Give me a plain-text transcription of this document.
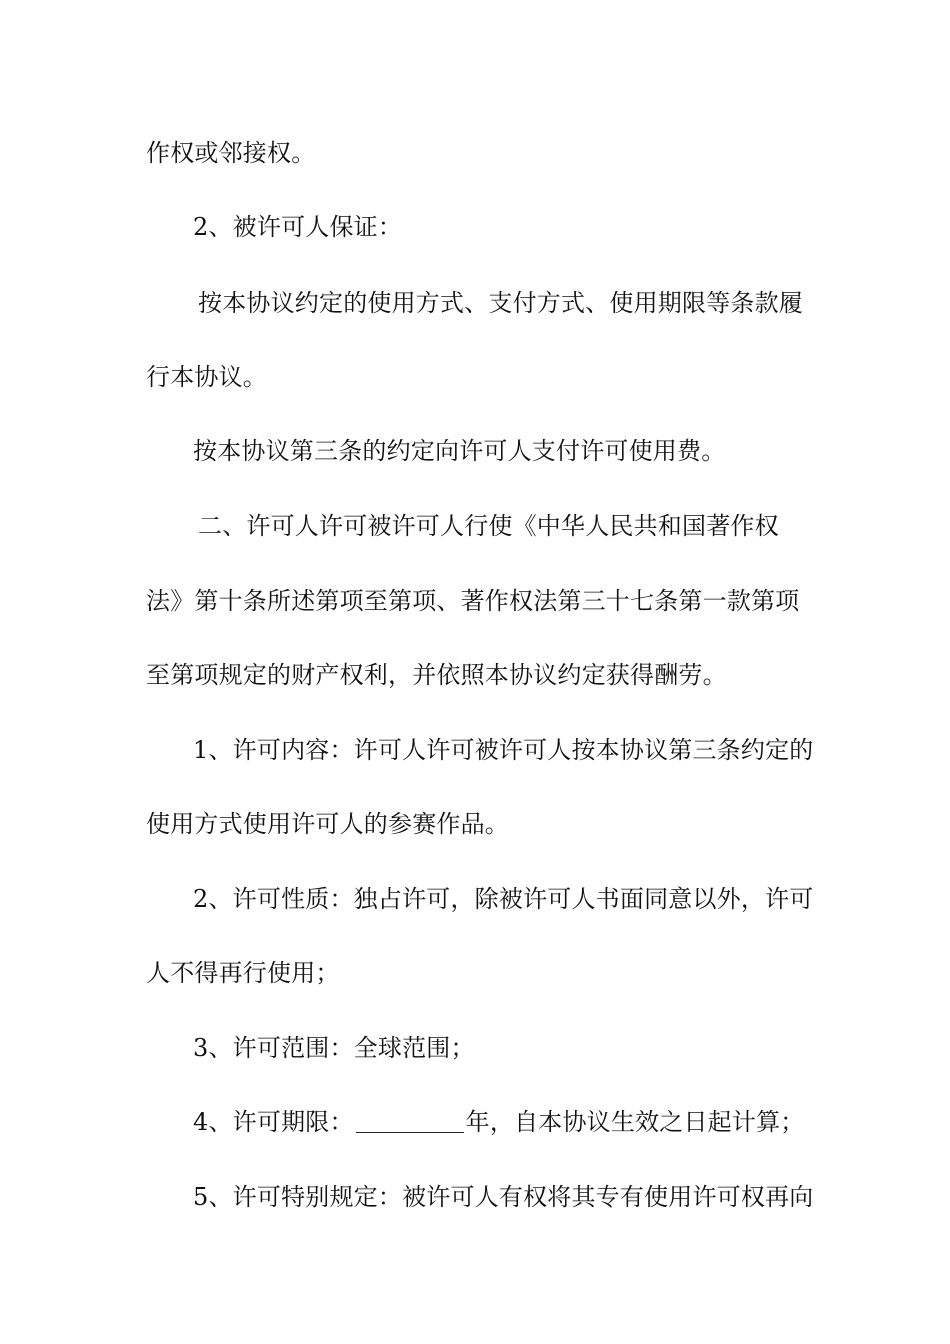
作权或邻接权。
2、被许可人保证：
按本协议约定的使用方式、支付方式、使用期限等条款履
行本协议。
按本协议第三条的约定向许可人支付许可使用费。
二、许可人许可被许可人行使《中华人民共和国著作权
法》第十条所述第项至第项、著作权法第三十七条第一款第项
至第项规定的财产权利，并依照本协议约定获得酬劳。
1、许可内容：许可人许可被许可人按本协议第三条约定的
使用方式使用许可人的参赛作品。
2、许可性质：独占许可，除被许可人书面同意以外，许可
人不得再行使用；
3、许可范围：全球范围；
4、许可期限：	年，自本协议生效之日起计算；
5、许可特别规定：被许可人有权将其专有使用许可权再向
